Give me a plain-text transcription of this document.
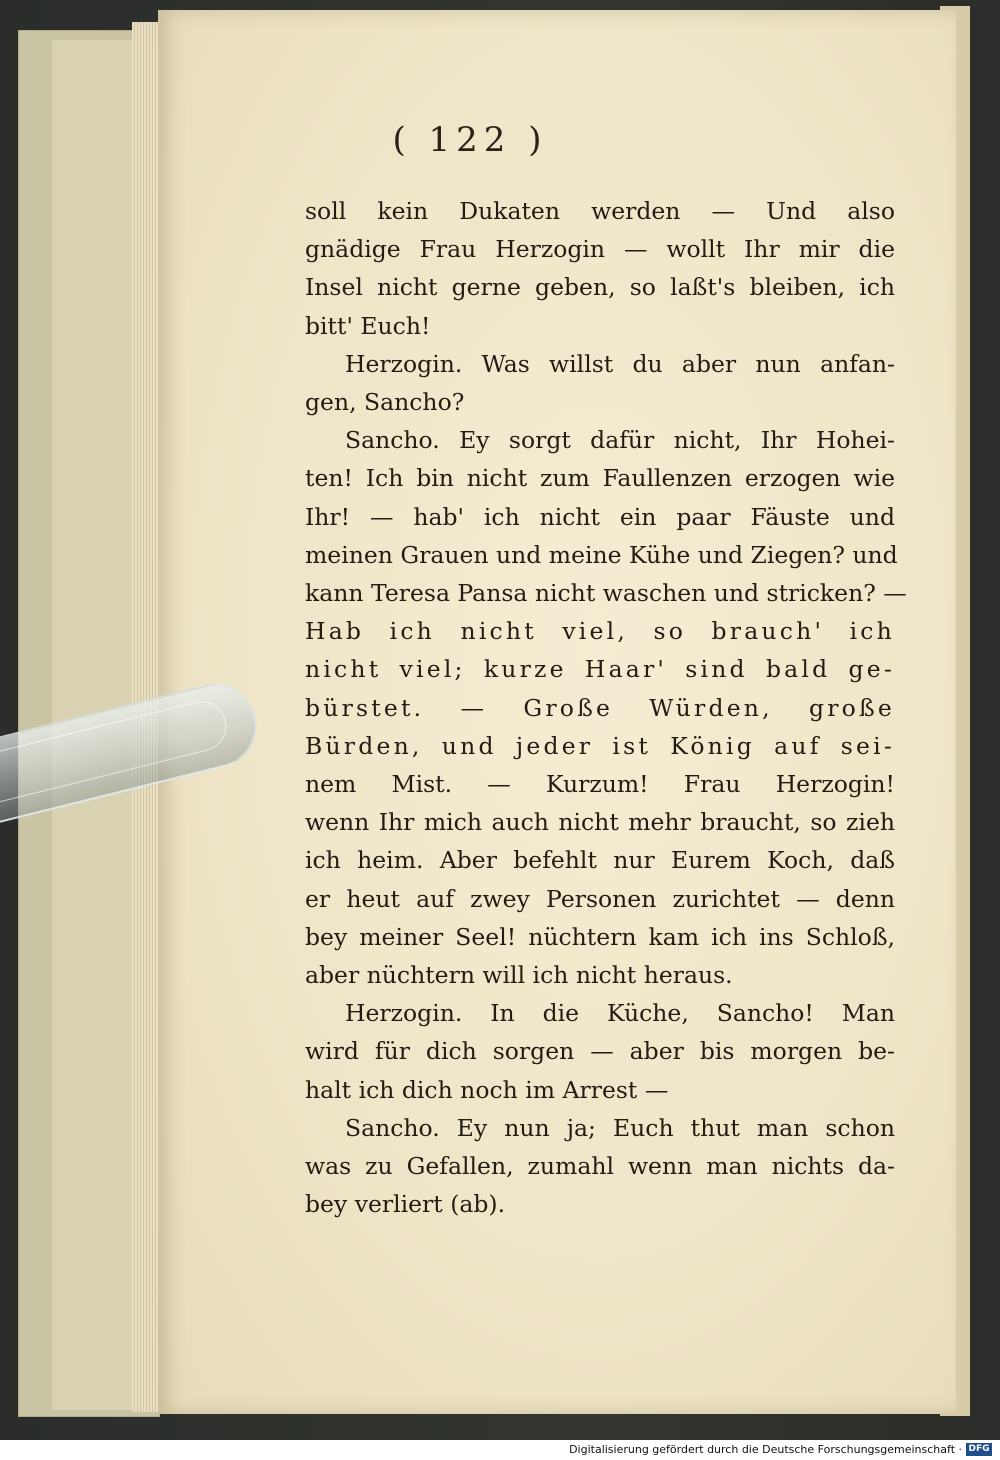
( 122 )
soll kein Dukaten werden — Und also
gnädige Frau Herzogin — wollt Ihr mir die
Insel nicht gerne geben, so laßt's bleiben, ich
bitt' Euch!
Herzogin. Was willst du aber nun anfan-
gen, Sancho?
Sancho. Ey sorgt dafür nicht, Ihr Hohei-
ten! Ich bin nicht zum Faullenzen erzogen wie
Ihr! — hab' ich nicht ein paar Fäuste und
meinen Grauen und meine Kühe und Ziegen? und
kann Teresa Pansa nicht waschen und stricken? —
Hab ich nicht viel, so brauch' ich
nicht viel; kurze Haar' sind bald ge-
bürstet. — Große Würden, große
Bürden, und jeder ist König auf sei-
nem Mist. — Kurzum! Frau Herzogin!
wenn Ihr mich auch nicht mehr braucht, so zieh
ich heim. Aber befehlt nur Eurem Koch, daß
er heut auf zwey Personen zurichtet — denn
bey meiner Seel! nüchtern kam ich ins Schloß,
aber nüchtern will ich nicht heraus.
Herzogin. In die Küche, Sancho! Man
wird für dich sorgen — aber bis morgen be-
halt ich dich noch im Arrest —
Sancho. Ey nun ja; Euch thut man schon
was zu Gefallen, zumahl wenn man nichts da-
bey verliert (ab).
Digitalisierung gefördert durch die Deutsche Forschungsgemeinschaft · DFG
